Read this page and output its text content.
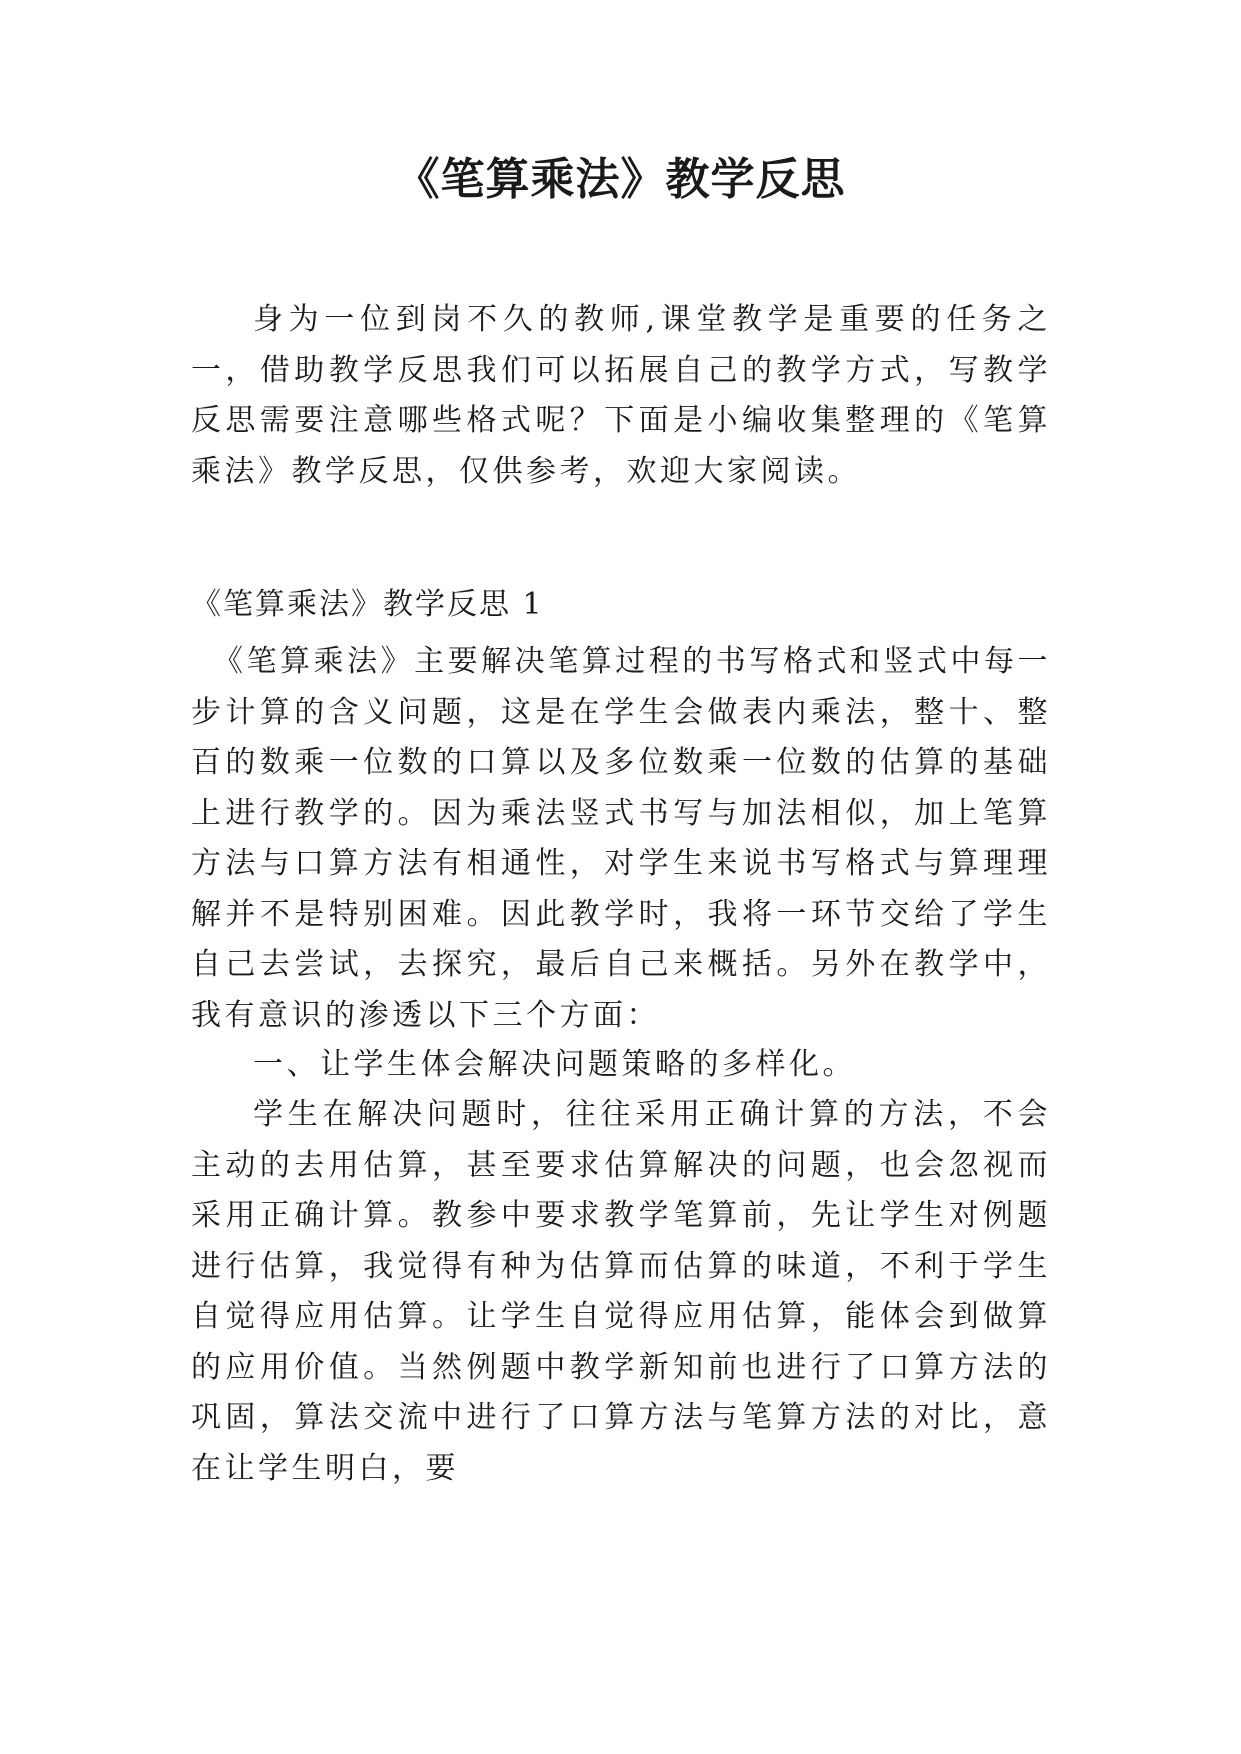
《笔算乘法》教学反思

身为一位到岗不久的教师,课堂教学是重要的任务之一，借助教学反思我们可以拓展自己的教学方式，写教学反思需要注意哪些格式呢？下面是小编收集整理的《笔算乘法》教学反思，仅供参考，欢迎大家阅读。

《笔算乘法》教学反思 1

《笔算乘法》主要解决笔算过程的书写格式和竖式中每一步计算的含义问题，这是在学生会做表内乘法，整十、整百的数乘一位数的口算以及多位数乘一位数的估算的基础上进行教学的。因为乘法竖式书写与加法相似，加上笔算方法与口算方法有相通性，对学生来说书写格式与算理理解并不是特别困难。因此教学时，我将一环节交给了学生自己去尝试，去探究，最后自己来概括。另外在教学中，我有意识的渗透以下三个方面：

一、让学生体会解决问题策略的多样化。

学生在解决问题时，往往采用正确计算的方法，不会主动的去用估算，甚至要求估算解决的问题，也会忽视而采用正确计算。教参中要求教学笔算前，先让学生对例题进行估算，我觉得有种为估算而估算的味道，不利于学生自觉得应用估算。让学生自觉得应用估算，能体会到做算的应用价值。当然例题中教学新知前也进行了口算方法的巩固，算法交流中进行了口算方法与笔算方法的对比，意在让学生明白，要
